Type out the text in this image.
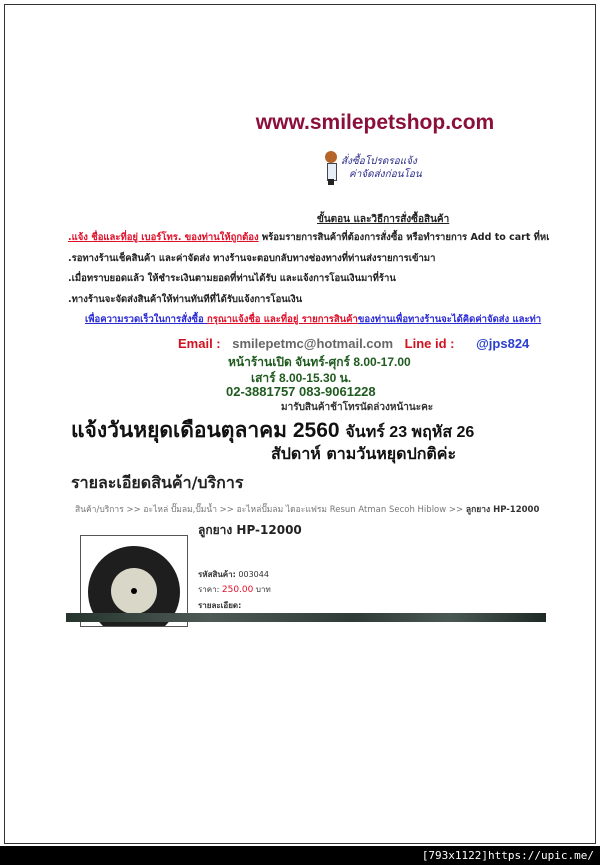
www.smilepetshop.com
สั่งซื้อโปรดรอแจ้ง
ค่าจัดส่งก่อนโอน
ขั้นตอน และวิธีการสั่งซื้อสินค้า
.แจ้ง ชื่อและที่อยู่ เบอร์โทร. ของท่านให้ถูกต้อง พร้อมรายการสินค้าที่ต้องการสั่งซื้อ หรือทำรายการ Add to cart ที่หเ
.รอทางร้านเช็คสินค้า และค่าจัดส่ง ทางร้านจะตอบกลับทางช่องทางที่ท่านส่งรายการเข้ามา
.เมื่อทราบยอดแล้ว ให้ชำระเงินตามยอดที่ท่านได้รับ และแจ้งการโอนเงินมาที่ร้าน
.ทางร้านจะจัดส่งสินค้าให้ท่านทันทีที่ได้รับแจ้งการโอนเงิน
เพื่อความรวดเร็วในการสั่งซื้อ กรุณาแจ้งชื่อ และที่อยู่ รายการสินค้าของท่านเพื่อทางร้านจะได้คิดค่าจัดส่ง และท่า
Email : smilepetmc@hotmail.com Line id : @jps824
หน้าร้านเปิด จันทร์-ศุกร์ 8.00-17.00
เสาร์ 8.00-15.30 น.
02-3881757 083-9061228
มารับสินค้าช้าโทรนัดล่วงหน้านะคะ
แจ้งวันหยุดเดือนตุลาคม 2560 จันทร์ 23 พฤหัส 26
สัปดาห์ ตามวันหยุดปกติค่ะ
รายละเอียดสินค้า/บริการ
สินค้า/บริการ >> อะไหล่ ปั๊มลม,ปั๊มน้ำ >> อะไหล่ปั๊มลม ไดอะแฟรม Resun Atman Secoh Hiblow >> ลูกยาง HP-12000
ลูกยาง HP-12000
รหัสสินค้า: 003044
ราคา: 250.00 บาท
รายละเอียด:
[793x1122]https://upic.me/
